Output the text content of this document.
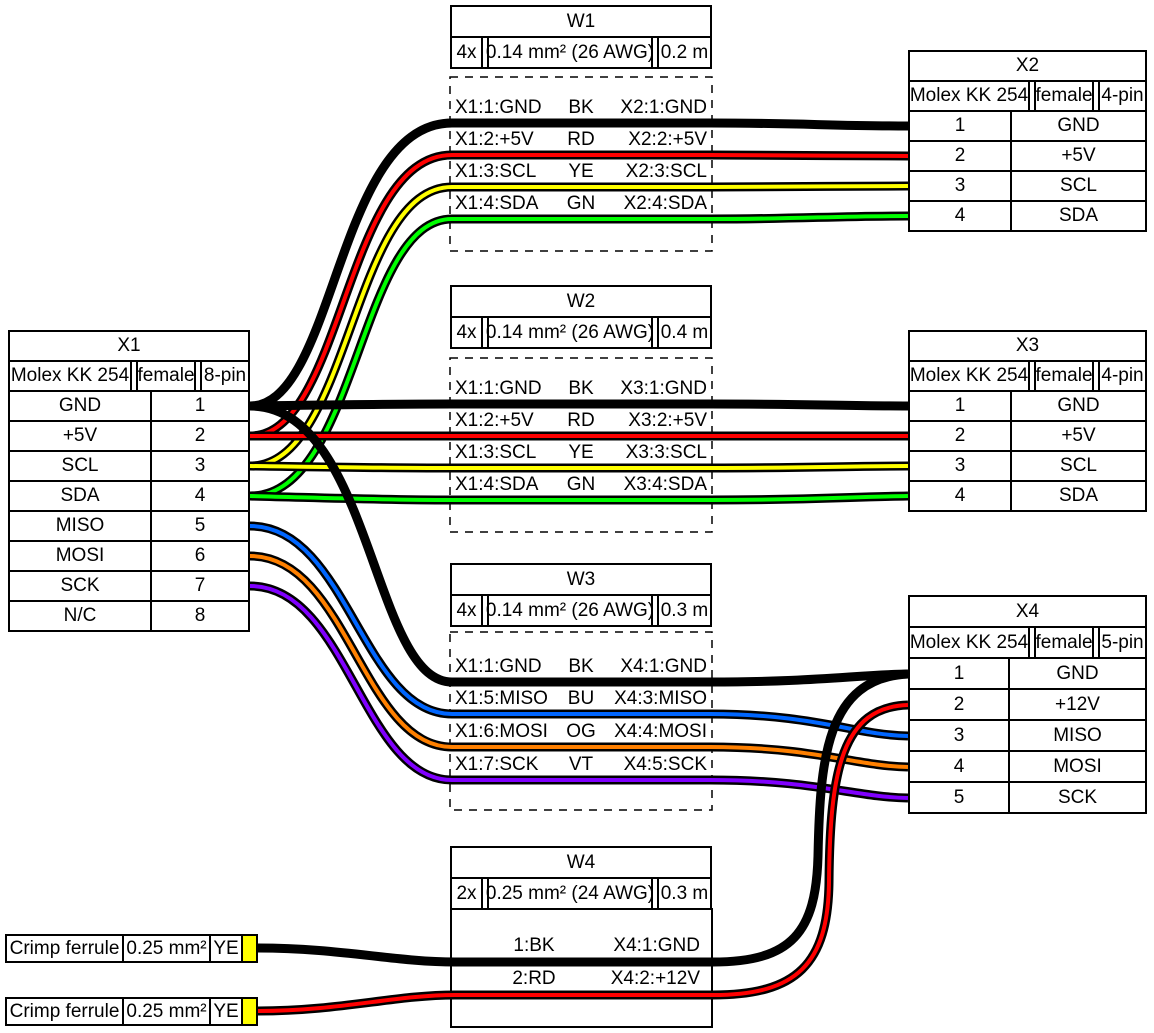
X1
Molex KK 254 female 8-pin
GND	1
+5V	2
SCL	3
SDA	4
MISO	5
MOSI	6
SCK	7
N/C	8
X2
Molex KK 254 female 4-pin
1	GND
2	+5V
3	SCL
4	SDA
X3
Molex KK 254 female 4-pin
1	GND
2	+5V
3	SCL
4	SDA
X4
Molex KK 254 female 5-pin
1	GND
2	+12V
3	MISO
4	MOSI
5	SCK
W1
4x 0.14 mm² (26 AWG) 0.2 m
X1:1:GND	BK	X2:1:GND
X1:2:+5V	RD	X2:2:+5V
X1:3:SCL	YE	X2:3:SCL
X1:4:SDA	GN	X2:4:SDA
W2
4x 0.14 mm² (26 AWG) 0.4 m
X1:1:GND	BK	X3:1:GND
X1:2:+5V	RD	X3:2:+5V
X1:3:SCL	YE	X3:3:SCL
X1:4:SDA	GN	X3:4:SDA
W3
4x 0.14 mm² (26 AWG) 0.3 m
X1:1:GND	BK	X4:1:GND
X1:5:MISO	BU	X4:3:MISO
X1:6:MOSI OG X4:4:MOSI
X1:7:SCK	VT	X4:5:SCK
W4
2x 0.25 mm² (24 AWG) 0.3 m
1:BK	X4:1:GND
2:RD	X4:2:+12V
Crimp ferrule 0.25 mm² YE
Crimp ferrule 0.25 mm² YE
